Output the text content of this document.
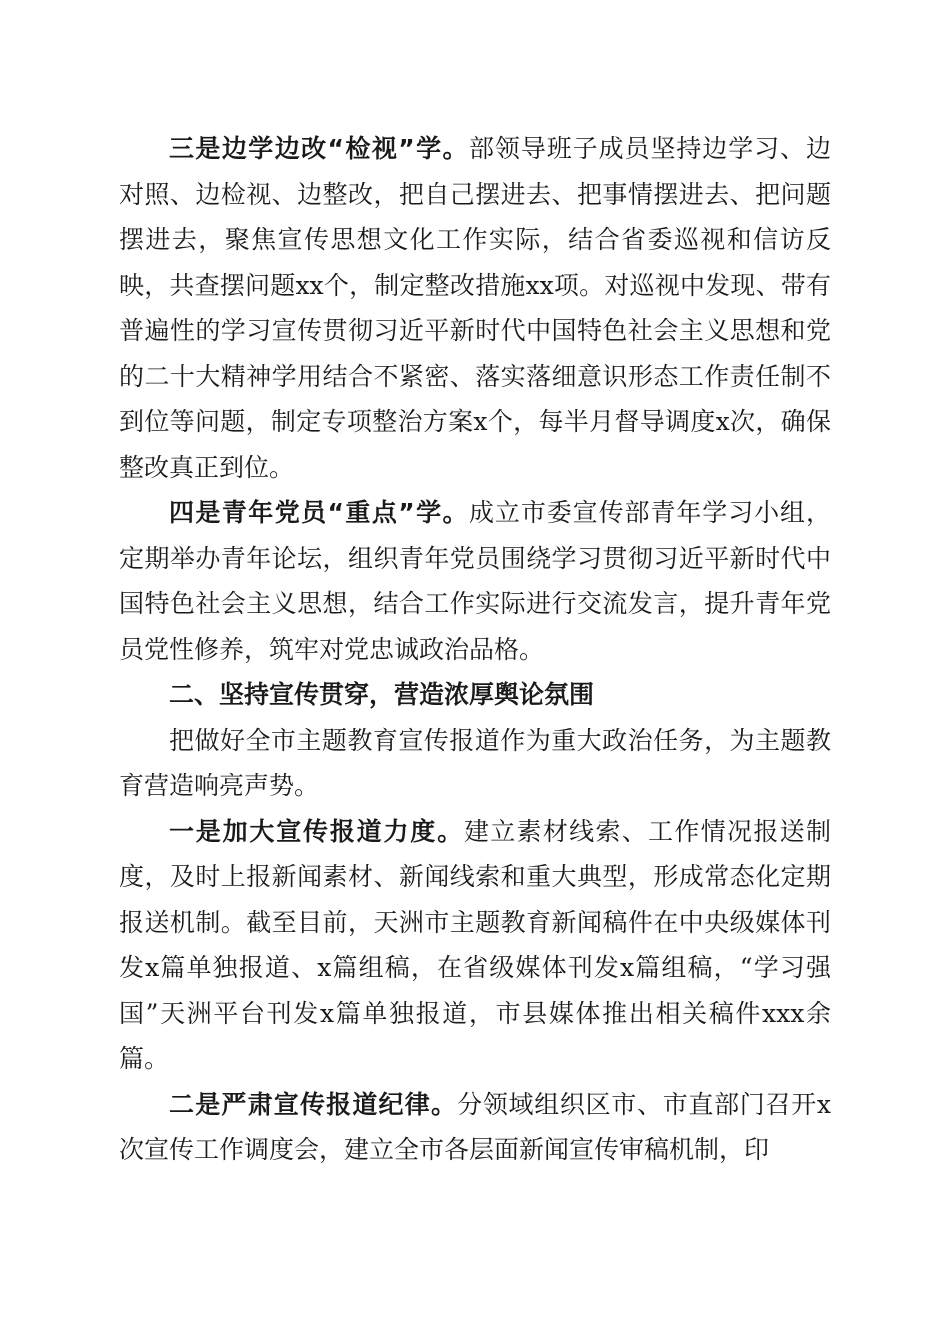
三是边学边改“检视”学。部领导班子成员坚持边学习、边对照、边检视、边整改，把自己摆进去、把事情摆进去、把问题摆进去，聚焦宣传思想文化工作实际，结合省委巡视和信访反映，共查摆问题xx个，制定整改措施xx项。对巡视中发现、带有普遍性的学习宣传贯彻习近平新时代中国特色社会主义思想和党的二十大精神学用结合不紧密、落实落细意识形态工作责任制不到位等问题，制定专项整治方案x个，每半月督导调度x次，确保整改真正到位。

四是青年党员“重点”学。成立市委宣传部青年学习小组，定期举办青年论坛，组织青年党员围绕学习贯彻习近平新时代中国特色社会主义思想，结合工作实际进行交流发言，提升青年党员党性修养，筑牢对党忠诚政治品格。

二、坚持宣传贯穿，营造浓厚舆论氛围

把做好全市主题教育宣传报道作为重大政治任务，为主题教育营造响亮声势。

一是加大宣传报道力度。建立素材线索、工作情况报送制度，及时上报新闻素材、新闻线索和重大典型，形成常态化定期报送机制。截至目前，天洲市主题教育新闻稿件在中央级媒体刊发x篇单独报道、x篇组稿，在省级媒体刊发x篇组稿，“学习强国”天洲平台刊发x篇单独报道，市县媒体推出相关稿件xxx余篇。

二是严肃宣传报道纪律。分领域组织区市、市直部门召开x次宣传工作调度会，建立全市各层面新闻宣传审稿机制，印
